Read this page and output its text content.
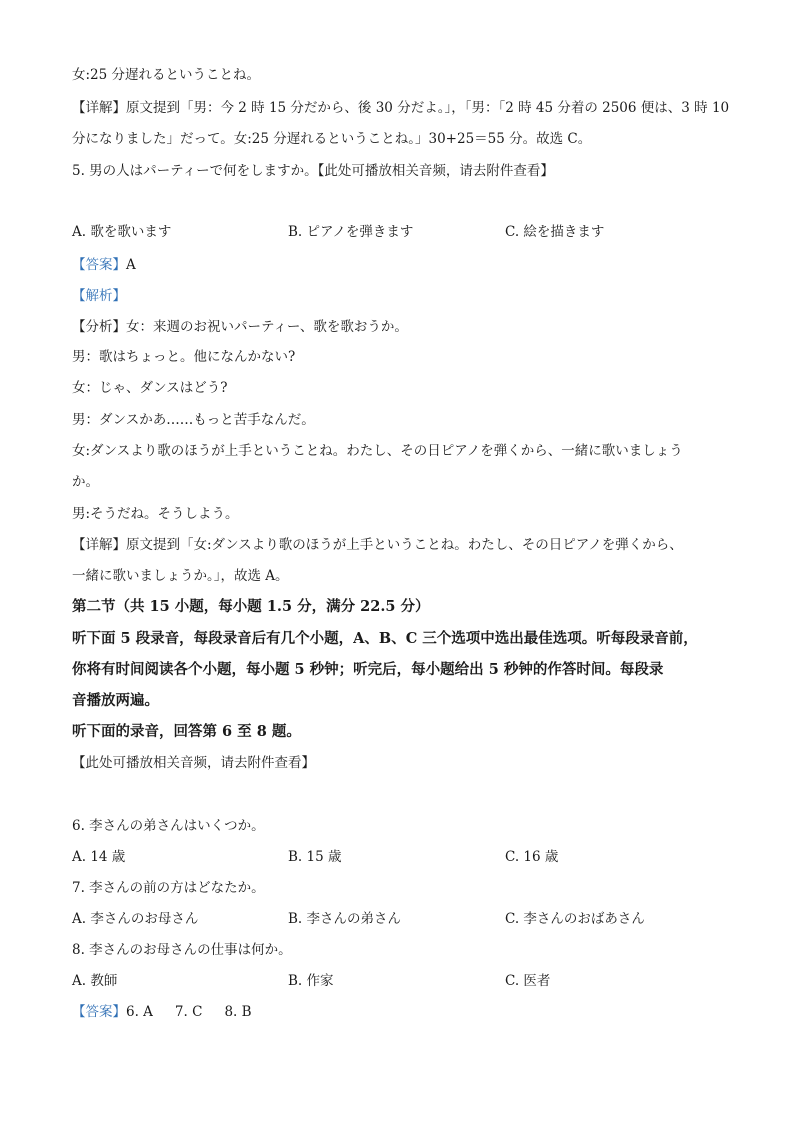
女:25 分遅れるということね。
【详解】原文提到「男：今 2 時 15 分だから、後 30 分だよ。」，「男：「2 時 45 分着の 2506 便は、3 時 10
分になりました」だって。女:25 分遅れるということね。」30+25＝55 分。故选 C。
5. 男の人はパーティーで何をしますか。【此处可播放相关音频，请去附件查看】
A. 歌を歌います	B. ピアノを弾きます	C. 絵を描きます
【答案】A
【解析】
【分析】女：来週のお祝いパーティー、歌を歌おうか。
男：歌はちょっと。他になんかない?
女：じゃ、ダンスはどう?
男：ダンスかあ……もっと苦手なんだ。
女:ダンスより歌のほうが上手ということね。わたし、その日ピアノを弾くから、一緒に歌いましょう
か。
男:そうだね。そうしよう。
【详解】原文提到「女:ダンスより歌のほうが上手ということね。わたし、その日ピアノを弾くから、
一緒に歌いましょうか。」，故选 A。
第二节（共 15 小题，每小题 1.5 分，满分 22.5 分）
听下面 5 段录音，每段录音后有几个小题，A、B、C 三个选项中选出最佳选项。听每段录音前，
你将有时间阅读各个小题，每小题 5 秒钟；听完后，每小题给出 5 秒钟的作答时间。每段录
音播放两遍。
听下面的录音，回答第 6 至 8 题。
【此处可播放相关音频，请去附件查看】
6. 李さんの弟さんはいくつか。
A. 14 歳	B. 15 歳	C. 16 歳
7. 李さんの前の方はどなたか。
A. 李さんのお母さん	B. 李さんの弟さん	C. 李さんのおばあさん
8. 李さんのお母さんの仕事は何か。
A. 教師	B. 作家	C. 医者
【答案】6. A 7. C 8. B
